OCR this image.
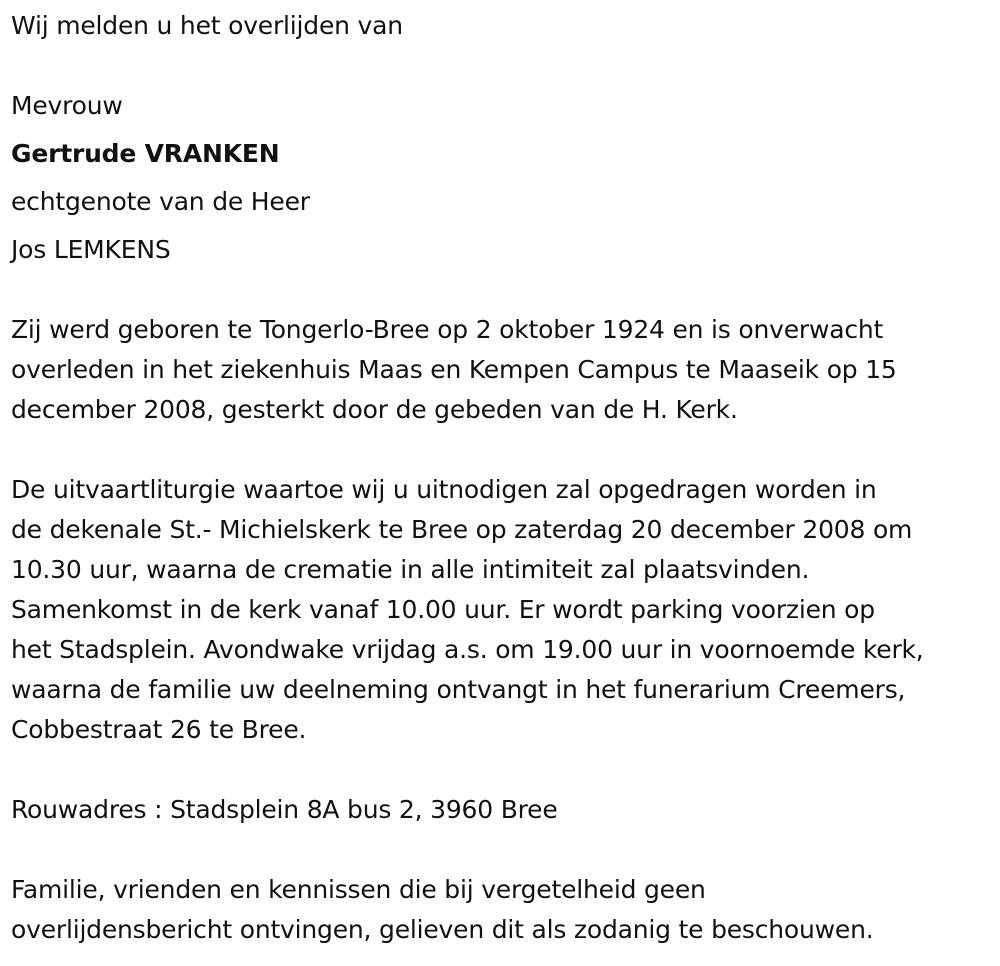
Wij melden u het overlijden van
Mevrouw
Gertrude VRANKEN
echtgenote van de Heer
Jos LEMKENS
Zij werd geboren te Tongerlo-Bree op 2 oktober 1924 en is onverwacht
overleden in het ziekenhuis Maas en Kempen Campus te Maaseik op 15
december 2008, gesterkt door de gebeden van de H. Kerk.
De uitvaartliturgie waartoe wij u uitnodigen zal opgedragen worden in
de dekenale St.- Michielskerk te Bree op zaterdag 20 december 2008 om
10.30 uur, waarna de crematie in alle intimiteit zal plaatsvinden.
Samenkomst in de kerk vanaf 10.00 uur. Er wordt parking voorzien op
het Stadsplein. Avondwake vrijdag a.s. om 19.00 uur in voornoemde kerk,
waarna de familie uw deelneming ontvangt in het funerarium Creemers,
Cobbestraat 26 te Bree.
Rouwadres : Stadsplein 8A bus 2, 3960 Bree
Familie, vrienden en kennissen die bij vergetelheid geen
overlijdensbericht ontvingen, gelieven dit als zodanig te beschouwen.
